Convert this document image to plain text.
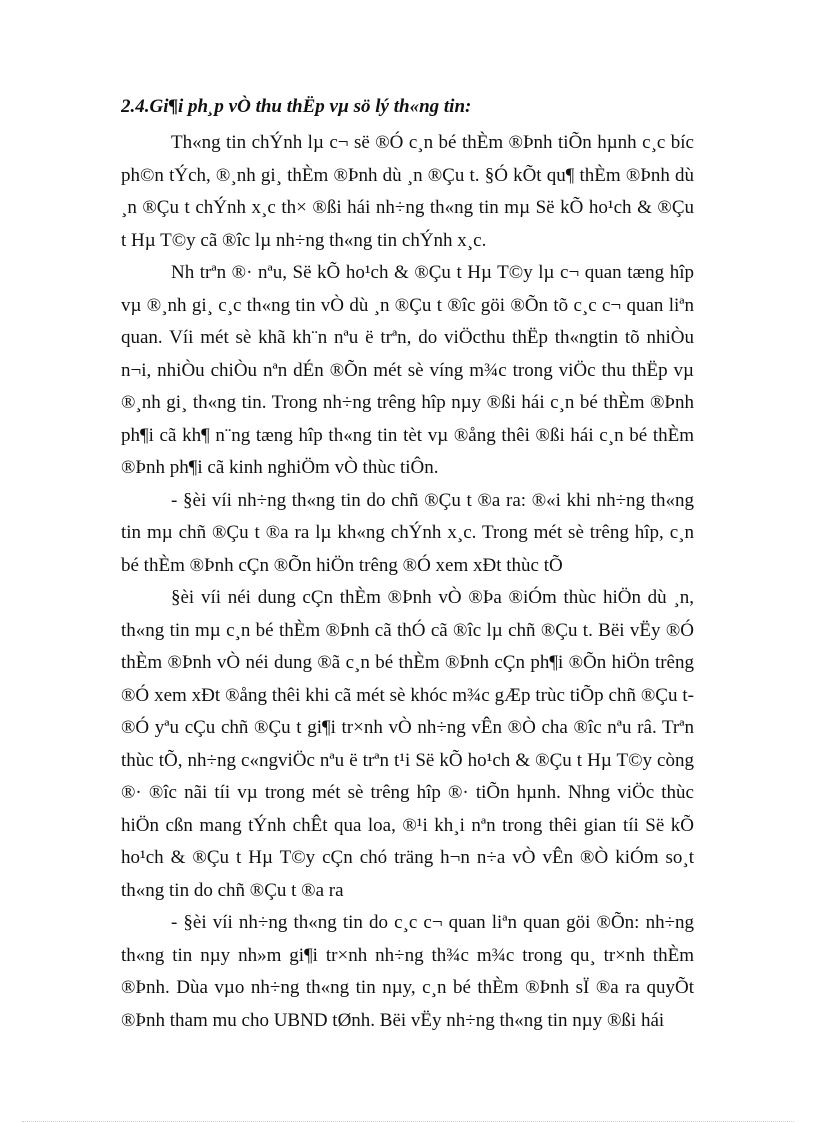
2.4.Gi¶i ph¸p vÒ thu thËp vµ sö lý th«ng tin:

Th«ng tin chÝnh lµ c¬ së ®Ó c¸n bé thÈm ®Þnh tiÕn hµnh c¸c bíc ph©n tÝch, ®¸nh gi¸ thÈm ®Þnh dù ¸n ®Çu t. §Ó kÕt qu¶ thÈm ®Þnh dù ¸n ®Çu t chÝnh x¸c th× ®ßi hái nh÷ng th«ng tin mµ Së kÕ ho¹ch & ®Çu t Hµ T©y cã ®îc lµ nh÷ng th«ng tin chÝnh x¸c.

Nh trªn ®· nªu, Së kÕ ho¹ch & ®Çu t Hµ T©y lµ c¬ quan tæng hîp vµ ®¸nh gi¸ c¸c th«ng tin vÒ dù ¸n ®Çu t ®îc göi ®Õn tõ c¸c c¬ quan liªn quan. Víi mét sè khã kh¨n nªu ë trªn, do viÖcthu thËp th«ngtin tõ nhiÒu n¬i, nhiÒu chiÒu nªn dÉn ®Õn mét sè víng m¾c trong viÖc thu thËp vµ ®¸nh gi¸ th«ng tin. Trong nh÷ng trêng hîp nµy ®ßi hái c¸n bé thÈm ®Þnh ph¶i cã kh¶ n¨ng tæng hîp th«ng tin tèt vµ ®ång thêi ®ßi hái c¸n bé thÈm ®Þnh ph¶i cã kinh nghiÖm vÒ thùc tiÔn.

- §èi víi nh÷ng th«ng tin do chñ ®Çu t ®a ra: ®«i khi nh÷ng th«ng tin mµ chñ ®Çu t ®a ra lµ kh«ng chÝnh x¸c. Trong mét sè trêng hîp, c¸n bé thÈm ®Þnh cÇn ®Õn hiÖn trêng ®Ó xem xÐt thùc tÕ

§èi víi néi dung cÇn thÈm ®Þnh vÒ ®Þa ®iÓm thùc hiÖn dù ¸n, th«ng tin mµ c¸n bé thÈm ®Þnh cã thÓ cã ®îc lµ chñ ®Çu t. Bëi vËy ®Ó thÈm ®Þnh vÒ néi dung ®ã c¸n bé thÈm ®Þnh cÇn ph¶i ®Õn hiÖn trêng ®Ó xem xÐt ®ång thêi khi cã mét sè khóc m¾c gÆp trùc tiÕp chñ ®Çu t ®Ó yªu cÇu chñ ®Çu t gi¶i tr×nh vÒ nh÷ng vÊn ®Ò cha ®îc nªu râ. Trªn thùc tÕ, nh÷ng c«ngviÖc nªu ë trªn t¹i Së kÕ ho¹ch & ®Çu t Hµ T©y còng ®· ®îc nãi tíi vµ trong mét sè trêng hîp ®· tiÕn hµnh. Nhng viÖc thùc hiÖn cßn mang tÝnh chÊt qua loa, ®¹i kh¸i nªn trong thêi gian tíi Së kÕ ho¹ch & ®Çu t Hµ T©y cÇn chó träng h¬n n÷a vÒ vÊn ®Ò kiÓm so¸t th«ng tin do chñ ®Çu t ®a ra

- §èi víi nh÷ng th«ng tin do c¸c c¬ quan liªn quan göi ®Õn: nh÷ng th«ng tin nµy nh»m gi¶i tr×nh nh÷ng th¾c m¾c trong qu¸ tr×nh thÈm ®Þnh. Dùa vµo nh÷ng th«ng tin nµy, c¸n bé thÈm ®Þnh sÏ ®a ra quyÕt ®Þnh tham mu cho UBND tØnh. Bëi vËy nh÷ng th«ng tin nµy ®ßi hái
